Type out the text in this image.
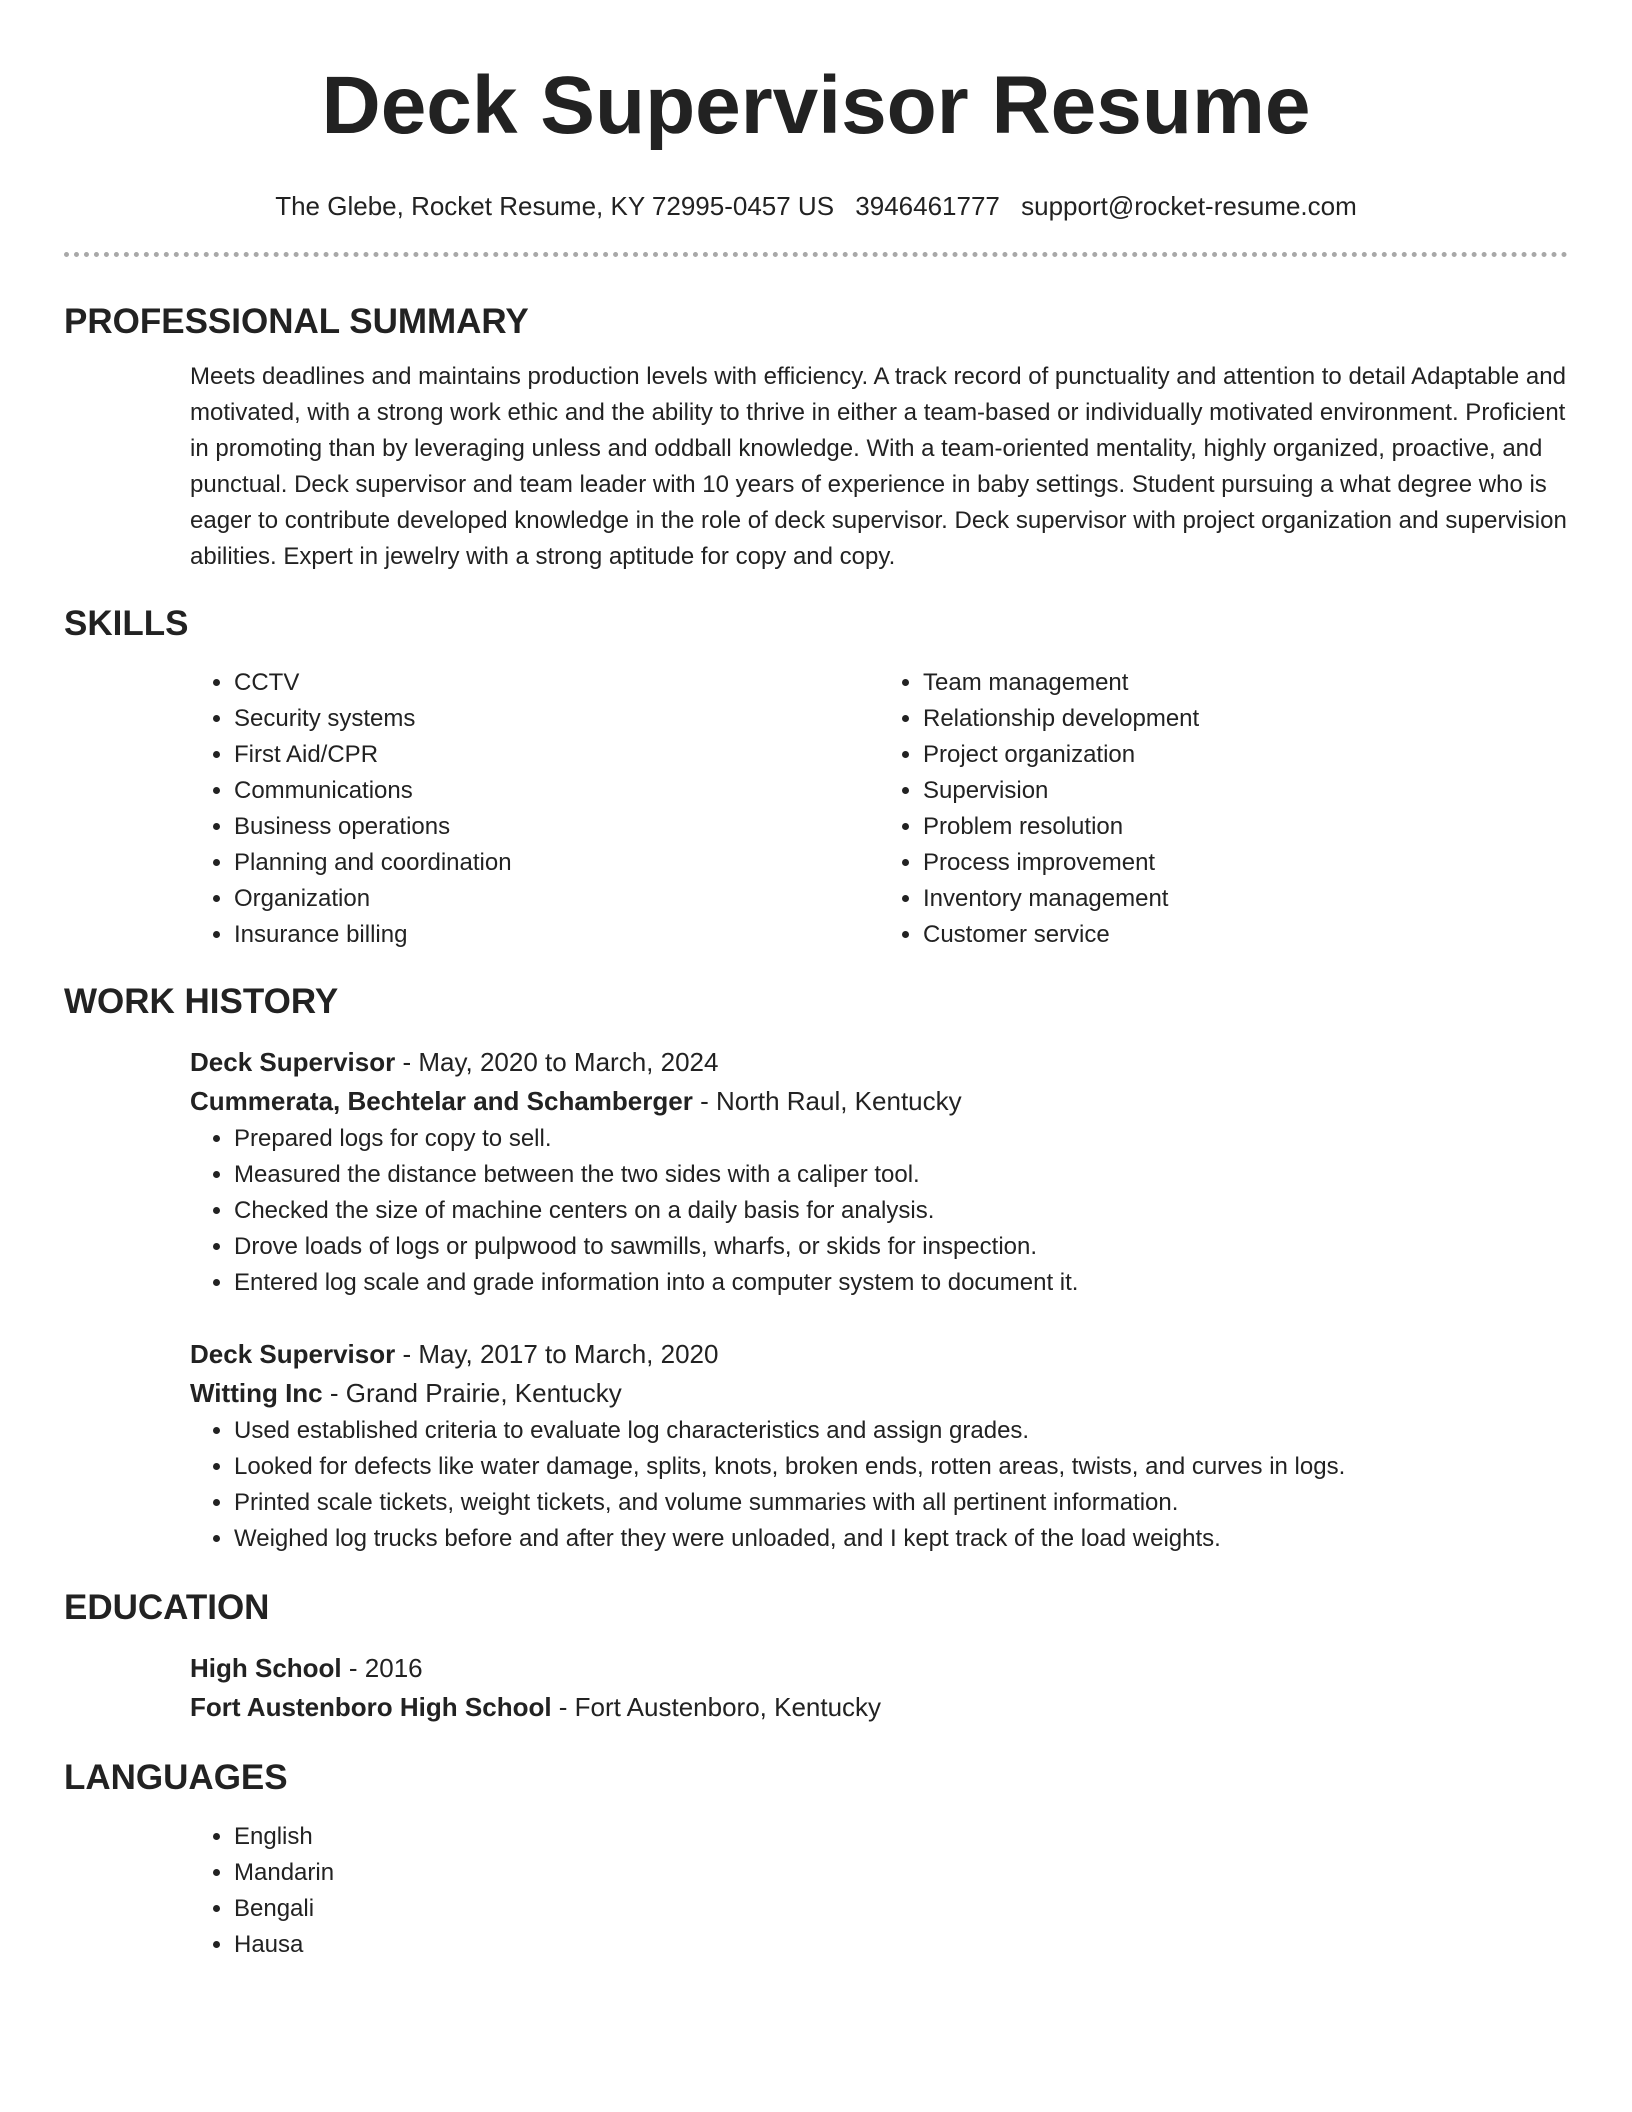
Deck Supervisor Resume
The Glebe, Rocket Resume, KY 72995-0457 US 3946461777 support@rocket-resume.com
PROFESSIONAL SUMMARY

Meets deadlines and maintains production levels with efficiency. A track record of punctuality and attention to detail Adaptable and motivated, with a strong work ethic and the ability to thrive in either a team-based or individually motivated environment. Proficient in promoting than by leveraging unless and oddball knowledge. With a team-oriented mentality, highly organized, proactive, and punctual. Deck supervisor and team leader with 10 years of experience in baby settings. Student pursuing a what degree who is eager to contribute developed knowledge in the role of deck supervisor. Deck supervisor with project organization and supervision abilities. Expert in jewelry with a strong aptitude for copy and copy.

SKILLS
• CCTV
• Security systems
• First Aid/CPR
• Communications
• Business operations
• Planning and coordination
• Organization
• Insurance billing
• Team management
• Relationship development
• Project organization
• Supervision
• Problem resolution
• Process improvement
• Inventory management
• Customer service
WORK HISTORY
Deck Supervisor - May, 2020 to March, 2024
Cummerata, Bechtelar and Schamberger - North Raul, Kentucky
• Prepared logs for copy to sell.
• Measured the distance between the two sides with a caliper tool.
• Checked the size of machine centers on a daily basis for analysis.
• Drove loads of logs or pulpwood to sawmills, wharfs, or skids for inspection.
• Entered log scale and grade information into a computer system to document it.
Deck Supervisor - May, 2017 to March, 2020
Witting Inc - Grand Prairie, Kentucky
• Used established criteria to evaluate log characteristics and assign grades.
• Looked for defects like water damage, splits, knots, broken ends, rotten areas, twists, and curves in logs.
• Printed scale tickets, weight tickets, and volume summaries with all pertinent information.
• Weighed log trucks before and after they were unloaded, and I kept track of the load weights.
EDUCATION
High School - 2016
Fort Austenboro High School - Fort Austenboro, Kentucky
LANGUAGES
• English
• Mandarin
• Bengali
• Hausa
